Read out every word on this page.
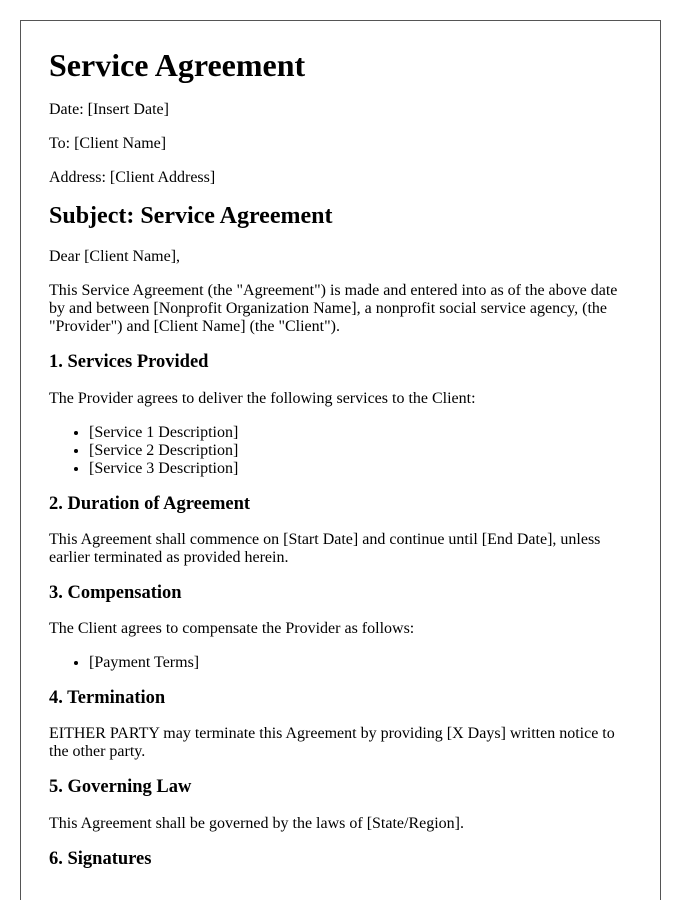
Service Agreement

Date: [Insert Date]

To: [Client Name]

Address: [Client Address]

Subject: Service Agreement

Dear [Client Name],

This Service Agreement (the "Agreement") is made and entered into as of the above date by and between [Nonprofit Organization Name], a nonprofit social service agency, (the "Provider") and [Client Name] (the "Client").

1. Services Provided

The Provider agrees to deliver the following services to the Client:

• [Service 1 Description]
• [Service 2 Description]
• [Service 3 Description]
2. Duration of Agreement

This Agreement shall commence on [Start Date] and continue until [End Date], unless earlier terminated as provided herein.

3. Compensation

The Client agrees to compensate the Provider as follows:

• [Payment Terms]
4. Termination

EITHER PARTY may terminate this Agreement by providing [X Days] written notice to the other party.

5. Governing Law

This Agreement shall be governed by the laws of [State/Region].

6. Signatures
